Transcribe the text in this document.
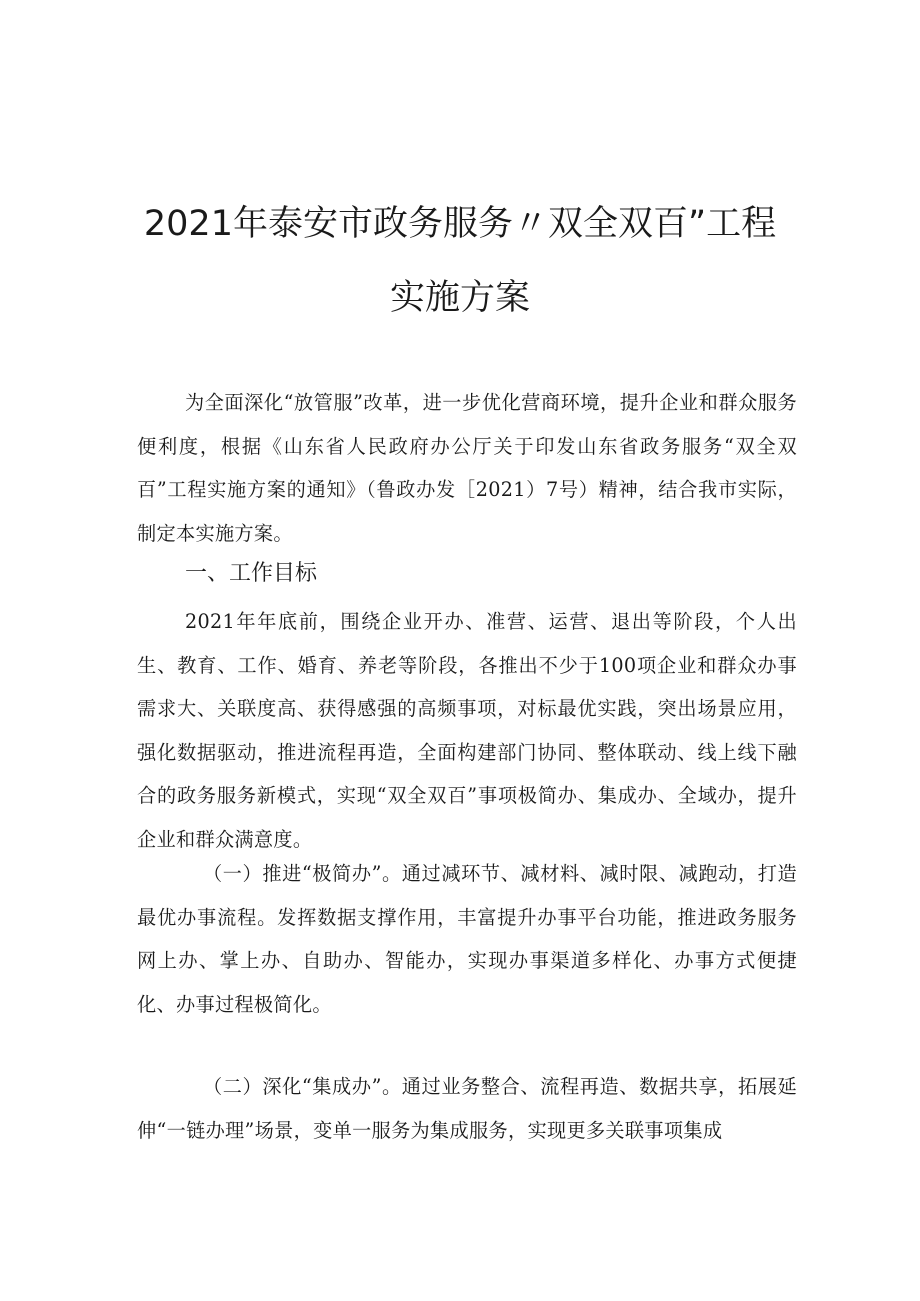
2021年泰安市政务服务〃双全双百”工程
实施方案

为全面深化“放管服”改革，进一步优化营商环境，提升企业和群众服务便利度，根据《山东省人民政府办公厅关于印发山东省政务服务“双全双百”工程实施方案的通知》（鲁政办发［2021）7号）精神，结合我市实际，制定本实施方案。

一、工作目标

2021年年底前，围绕企业开办、准营、运营、退出等阶段，个人出生、教育、工作、婚育、养老等阶段，各推出不少于100项企业和群众办事需求大、关联度高、获得感强的高频事项，对标最优实践，突出场景应用，强化数据驱动，推进流程再造，全面构建部门协同、整体联动、线上线下融合的政务服务新模式，实现“双全双百”事项极简办、集成办、全域办，提升企业和群众满意度。

（一）推进“极简办”。通过减环节、减材料、减时限、减跑动，打造最优办事流程。发挥数据支撑作用，丰富提升办事平台功能，推进政务服务网上办、掌上办、自助办、智能办，实现办事渠道多样化、办事方式便捷化、办事过程极简化。

（二）深化“集成办”。通过业务整合、流程再造、数据共享，拓展延伸“一链办理”场景，变单一服务为集成服务，实现更多关联事项集成
